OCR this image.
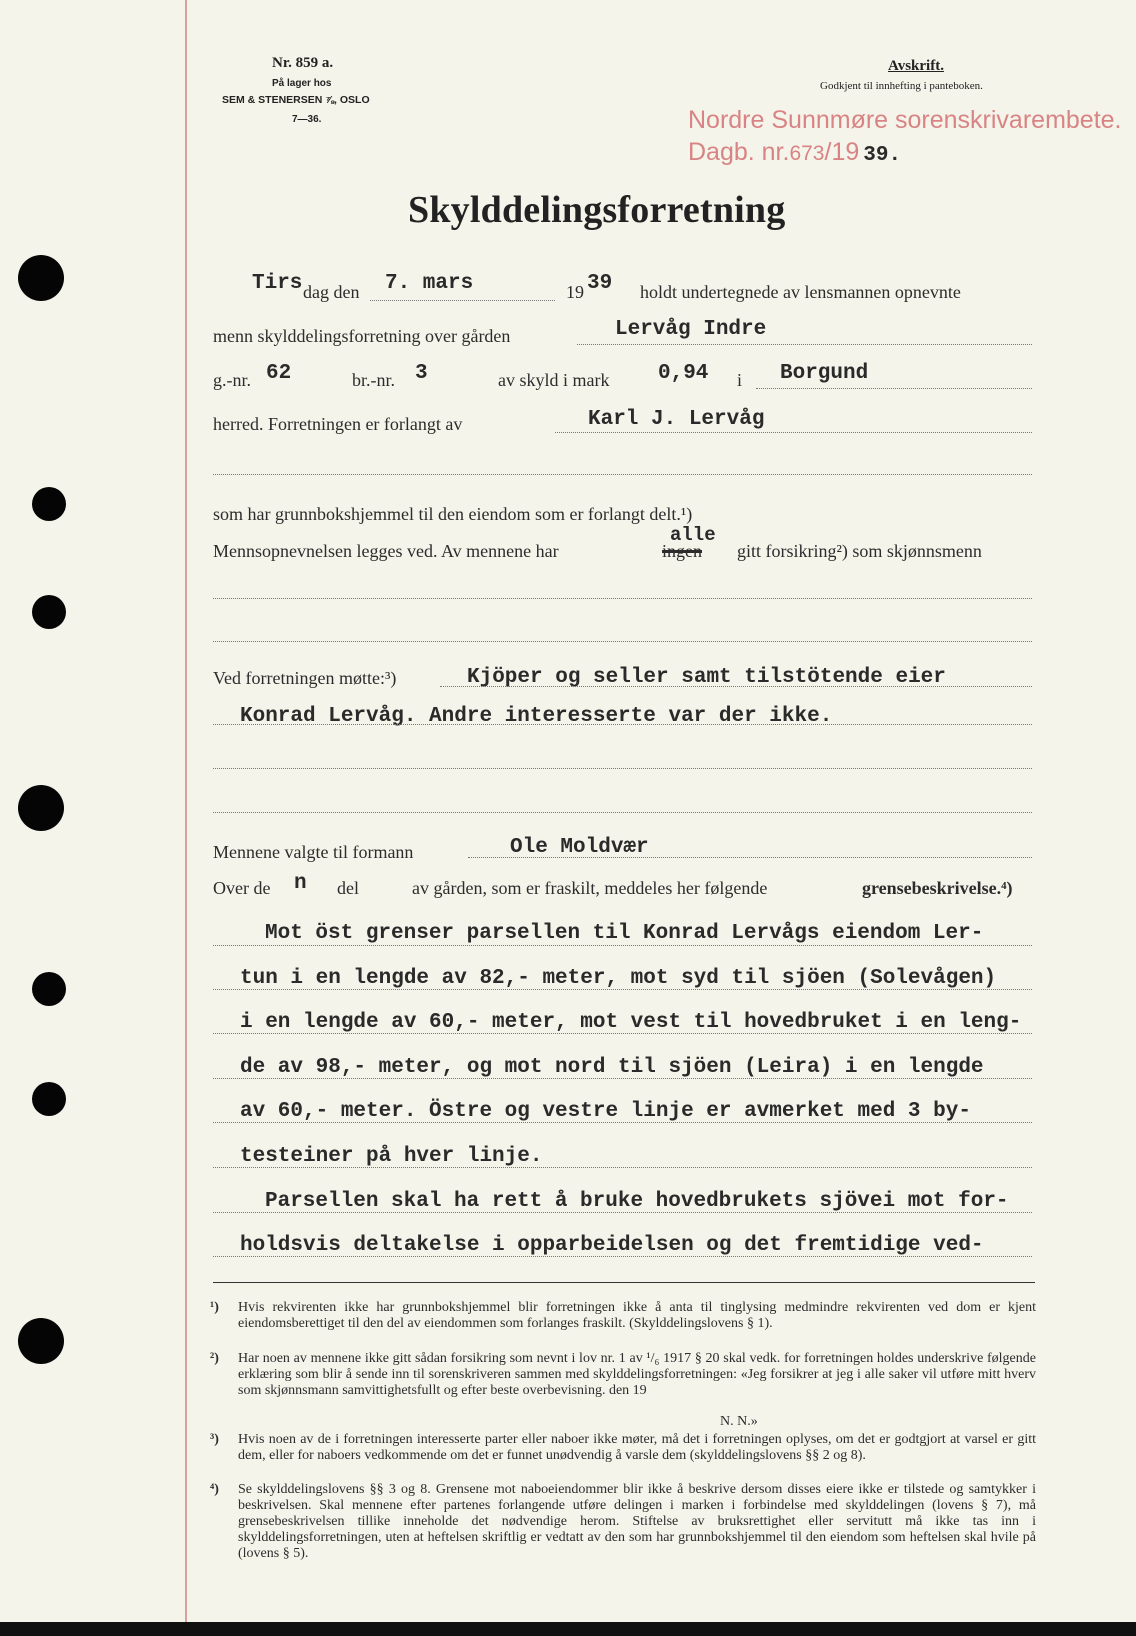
Nr. 859 a.
På lager hos
SEM & STENERSEN ⅞, OSLO
7—36.
Avskrift.
Godkjent til innhefting i panteboken.
Nordre Sunnmøre sorenskrivarembete.
Dagb. nr.673/19 39.
Skylddelingsforretning
Tirs dag den 7. mars	19 39 holdt undertegnede av lensmannen opnevnte
menn skylddelingsforretning over gården	Lervåg Indre
g.-nr. 62	br.-nr. 3	av skyld i mark 0,94 i Borgund
herred. Forretningen er forlangt av	Karl J. Lervåg
som har grunnbokshjemmel til den eiendom som er forlangt delt.¹)
Mennsopnevnelsen legges ved. Av mennene har
alle
ingen gitt forsikring²) som skjønnsmenn
Ved forretningen møtte:³)	Kjöper og seller samt tilstötende eier
Konrad Lervåg. Andre interesserte var der ikke.
Mennene valgte til formann	Ole Moldvær
Over de n del	av gården, som er fraskilt, meddeles her følgende	grensebeskrivelse.⁴)
Mot öst grenser parsellen til Konrad Lervågs eiendom Ler-
tun i en lengde av 82,- meter, mot syd til sjöen (Solevågen)
i en lengde av 60,- meter, mot vest til hovedbruket i en leng-
de av 98,- meter, og mot nord til sjöen (Leira) i en lengde
av 60,- meter. Östre og vestre linje er avmerket med 3 by-
testeiner på hver linje.
Parsellen skal ha rett å bruke hovedbrukets sjövei mot for-
holdsvis deltakelse i opparbeidelsen og det fremtidige ved-
¹) Hvis rekvirenten ikke har grunnbokshjemmel blir forretningen ikke å anta til tinglysing medmindre rekvirenten ved dom er kjent eiendomsberettiget til den del av eiendommen som forlanges fraskilt. (Skylddelingslovens § 1).
²) Har noen av mennene ikke gitt sådan forsikring som nevnt i lov nr. 1 av ¹/₆ 1917 § 20 skal vedk. for forretningen holdes underskrive følgende erklæring som blir å sende inn til sorenskriveren sammen med skylddelingsforretningen: «Jeg forsikrer at jeg i alle saker vil utføre mitt hverv som skjønnsmann samvittighetsfullt og efter beste overbevisning. den 19
N. N.»
³) Hvis noen av de i forretningen interesserte parter eller naboer ikke møter, må det i forretningen oplyses, om det er godtgjort at varsel er gitt dem, eller for naboers vedkommende om det er funnet unødvendig å varsle dem (skylddelingslovens §§ 2 og 8).
⁴) Se skylddelingslovens §§ 3 og 8. Grensene mot naboeiendommer blir ikke å beskrive dersom disses eiere ikke er tilstede og samtykker i beskrivelsen. Skal mennene efter partenes forlangende utføre delingen i marken i forbindelse med skylddelingen (lovens § 7), må grensebeskrivelsen tillike inneholde det nødvendige herom. Stiftelse av bruksrettighet eller servitutt må ikke tas inn i skylddelingsforretningen, uten at heftelsen skriftlig er vedtatt av den som har grunnbokshjemmel til den eiendom som heftelsen skal hvile på (lovens § 5).
